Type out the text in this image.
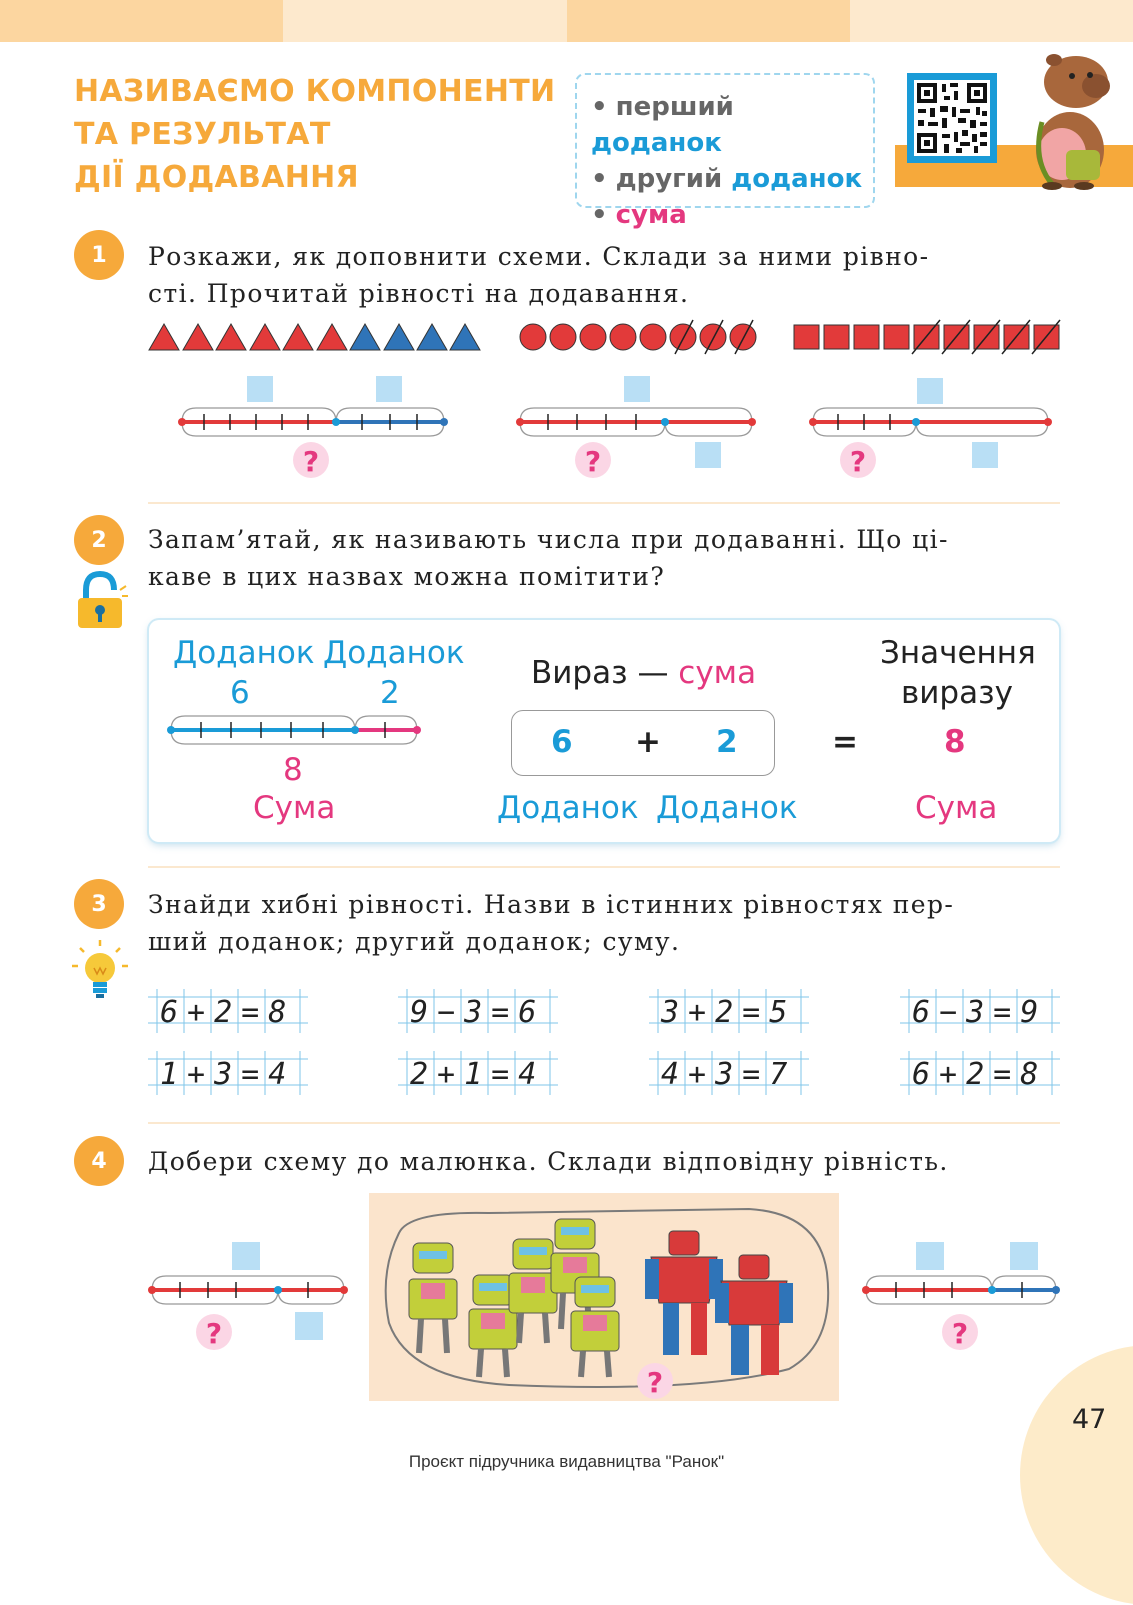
НАЗИВАЄМО КОМПОНЕНТИ
ТА РЕЗУЛЬТАТ
ДІЇ ДОДАВАННЯ
• перший доданок
• другий доданок
• сума
1	Розкажи, як доповнити схеми. Склади за ними рівно-
сті. Прочитай рівності на додавання.
?	?	?
2	Запам’ятай, як називають числа при додаванні. Що ці-
каве в цих назвах можна помітити?
Доданок Доданок
6	2
8
Сума
Вираз — сума
6 + 2	=	8
Значення
виразу
Доданок Доданок	Сума
3	Знайди хибні рівності. Назви в істинних рівностях пер-
ший доданок; другий доданок; суму.
6+2=8	9−3=6	3+2=5	6−3=9
1+3=4	2+1=4	4+3=7	6+2=8
4	Добери схему до малюнка. Склади відповідну рівність.
?
?
?
47
Проєкт підручника видавництва "Ранок"
